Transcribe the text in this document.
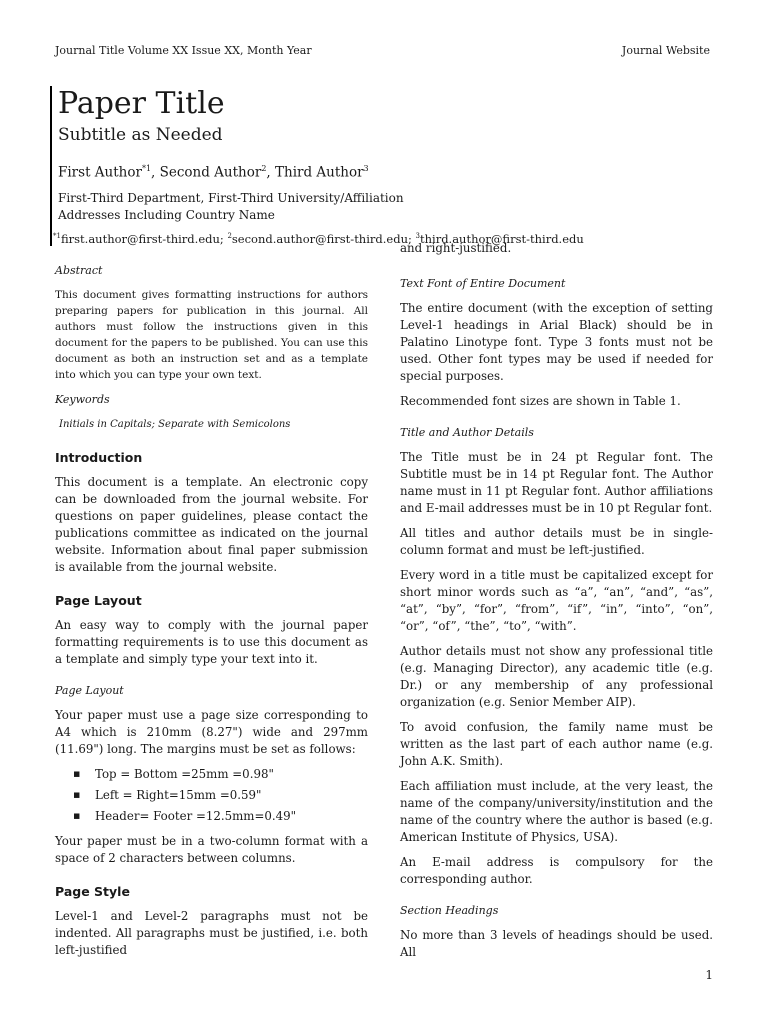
Journal Title Volume XX Issue XX, Month Year	Journal Website
Paper Title
Subtitle as Needed
First Author$^{*1}$, Second Author$^2$, Third Author$^3$
First-Third Department, First-Third University/Affiliation
Addresses Including Country Name
$^{*1}$first.author@first-third.edu; $^2$second.author@first-third.edu; $^3$third.author@first-third.edu
Abstract

This document gives formatting instructions for authors preparing papers for publication in this journal. All authors must follow the instructions given in this document for the papers to be published. You can use this document as both an instruction set and as a template into which you can type your own text.

Keywords
Initials in Capitals; Separate with Semicolons
Introduction

This document is a template. An electronic copy can be downloaded from the journal website. For questions on paper guidelines, please contact the publications committee as indicated on the journal website. Information about final paper submission is available from the journal website.

Page Layout

An easy way to comply with the journal paper formatting requirements is to use this document as a template and simply type your text into it.

Page Layout

Your paper must use a page size corresponding to A4 which is 210mm (8.27") wide and 297mm (11.69") long. The margins must be set as follows:

▪ Top = Bottom =25mm =0.98"
▪ Left = Right=15mm =0.59"
▪ Header= Footer =12.5mm=0.49"

Your paper must be in a two-column format with a space of 2 characters between columns.

Page Style

Level-1 and Level-2 paragraphs must not be indented. All paragraphs must be justified, i.e. both left-justified

and right-justified.

Text Font of Entire Document

The entire document (with the exception of setting Level-1 headings in Arial Black) should be in Palatino Linotype font. Type 3 fonts must not be used. Other font types may be used if needed for special purposes.

Recommended font sizes are shown in Table 1.

Title and Author Details

The Title must be in 24 pt Regular font. The Subtitle must be in 14 pt Regular font. The Author name must in 11 pt Regular font. Author affiliations and E-mail addresses must be in 10 pt Regular font.

All titles and author details must be in single-column format and must be left-justified.

Every word in a title must be capitalized except for short minor words such as “a”, “an”, “and”, “as”, “at”, “by”, “for”, “from”, “if”, “in”, “into”, “on”, “or”, “of”, “the”, “to”, “with”.

Author details must not show any professional title (e.g. Managing Director), any academic title (e.g. Dr.) or any membership of any professional organization (e.g. Senior Member AIP).

To avoid confusion, the family name must be written as the last part of each author name (e.g. John A.K. Smith).

Each affiliation must include, at the very least, the name of the company/university/institution and the name of the country where the author is based (e.g. American Institute of Physics, USA).

An E-mail address is compulsory for the corresponding author.

Section Headings

No more than 3 levels of headings should be used. All

1
